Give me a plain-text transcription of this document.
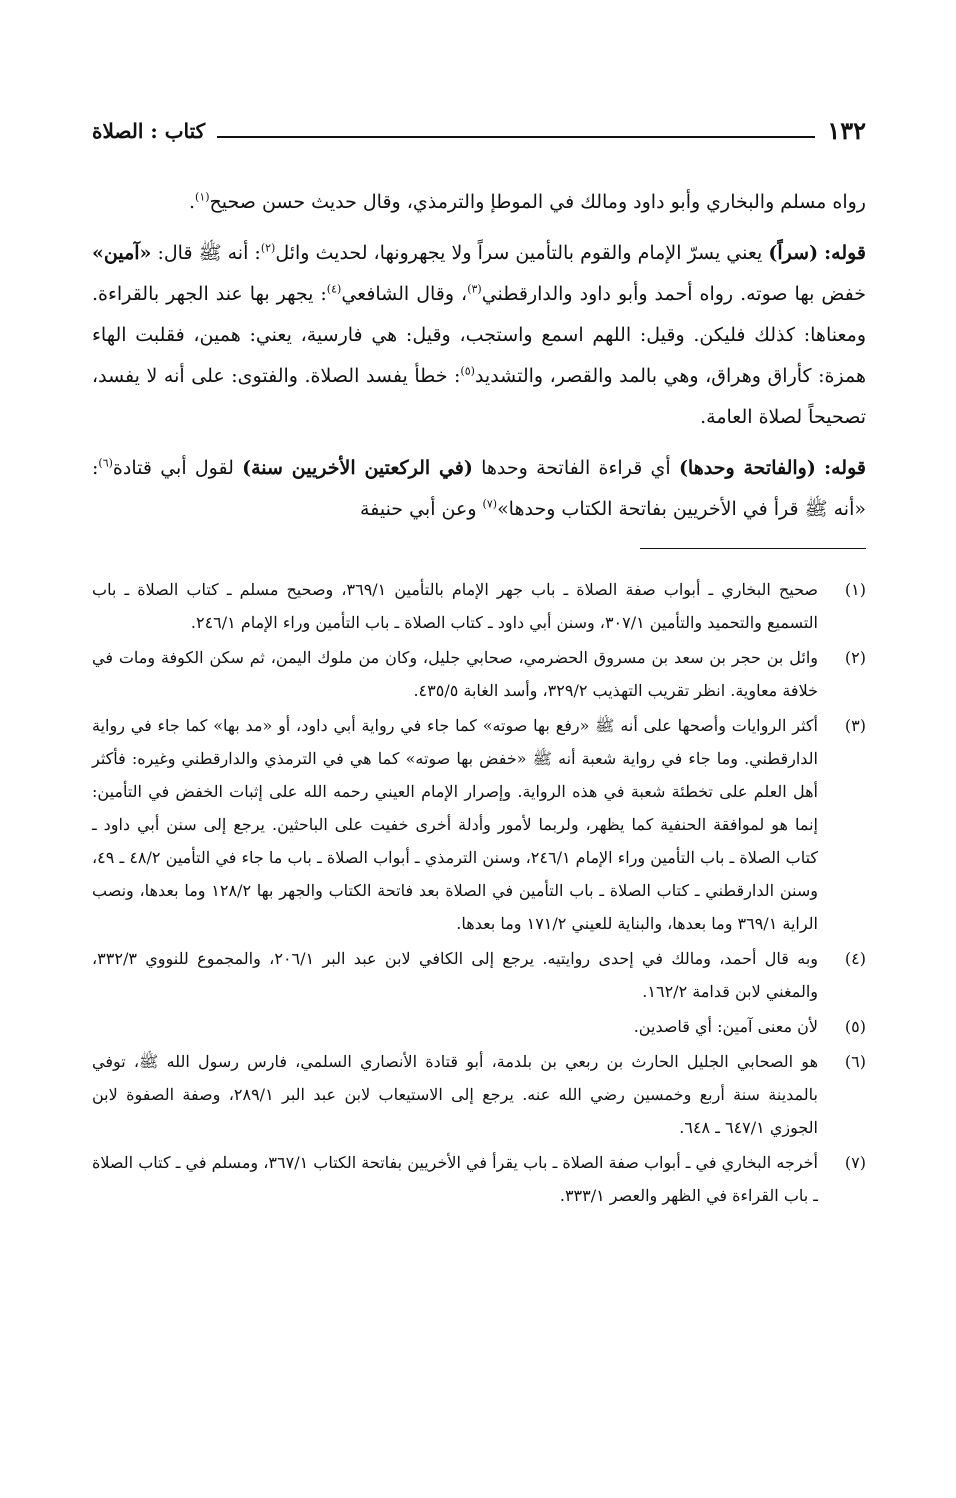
١٣٢
كتاب : الصلاة

رواه مسلم والبخاري وأبو داود ومالك في الموطإ والترمذي، وقال حديث حسن صحيح$^{(١)}$.

قوله: (سراً) يعني يسرّ الإمام والقوم بالتأمين سراً ولا يجهرونها، لحديث وائل$^{(٢)}$: أنه ﷺ قال: «آمين» خفض بها صوته. رواه أحمد وأبو داود والدارقطني$^{(٣)}$، وقال الشافعي$^{(٤)}$: يجهر بها عند الجهر بالقراءة. ومعناها: كذلك فليكن. وقيل: اللهم اسمع واستجب، وقيل: هي فارسية، يعني: همين، فقلبت الهاء همزة: كأراق وهراق، وهي بالمد والقصر، والتشديد$^{(٥)}$: خطأ يفسد الصلاة. والفتوى: على أنه لا يفسد، تصحيحاً لصلاة العامة.

قوله: (والفاتحة وحدها) أي قراءة الفاتحة وحدها (في الركعتين الأخريين سنة) لقول أبي قتادة$^{(٦)}$: «أنه ﷺ قرأ في الأخريين بفاتحة الكتاب وحدها»$^{(٧)}$ وعن أبي حنيفة

(١)
صحيح البخاري ـ أبواب صفة الصلاة ـ باب جهر الإمام بالتأمين ٣٦٩/١، وصحيح مسلم ـ كتاب الصلاة ـ باب التسميع والتحميد والتأمين ٣٠٧/١، وسنن أبي داود ـ كتاب الصلاة ـ باب التأمين وراء الإمام ٢٤٦/١.
(٢)
وائل بن حجر بن سعد بن مسروق الحضرمي، صحابي جليل، وكان من ملوك اليمن، ثم سكن الكوفة ومات في خلافة معاوية. انظر تقريب التهذيب ٣٢٩/٢، وأسد الغابة ٤٣٥/٥.
(٣)
أكثر الروايات وأصحها على أنه ﷺ «رفع بها صوته» كما جاء في رواية أبي داود، أو «مد بها» كما جاء في رواية الدارقطني. وما جاء في رواية شعبة أنه ﷺ «خفض بها صوته» كما هي في الترمذي والدارقطني وغيره: فأكثر أهل العلم على تخطئة شعبة في هذه الرواية. وإصرار الإمام العيني رحمه الله على إثبات الخفض في التأمين: إنما هو لموافقة الحنفية كما يظهر، ولربما لأمور وأدلة أخرى خفيت على الباحثين. يرجع إلى سنن أبي داود ـ كتاب الصلاة ـ باب التأمين وراء الإمام ٢٤٦/١، وسنن الترمذي ـ أبواب الصلاة ـ باب ما جاء في التأمين ٤٨/٢ ـ ٤٩، وسنن الدارقطني ـ كتاب الصلاة ـ باب التأمين في الصلاة بعد فاتحة الكتاب والجهر بها ١٢٨/٢ وما بعدها، ونصب الراية ٣٦٩/١ وما بعدها، والبناية للعيني ١٧١/٢ وما بعدها.
(٤)
وبه قال أحمد، ومالك في إحدى روايتيه. يرجع إلى الكافي لابن عبد البر ٢٠٦/١، والمجموع للنووي ٣٣٢/٣، والمغني لابن قدامة ١٦٢/٢.
(٥)
لأن معنى آمين: أي قاصدين.
(٦)
هو الصحابي الجليل الحارث بن ربعي بن بلدمة، أبو قتادة الأنصاري السلمي، فارس رسول الله ﷺ، توفي بالمدينة سنة أربع وخمسين رضي الله عنه. يرجع إلى الاستيعاب لابن عبد البر ٢٨٩/١، وصفة الصفوة لابن الجوزي ٦٤٧/١ ـ ٦٤٨.
(٧)
أخرجه البخاري في ـ أبواب صفة الصلاة ـ باب يقرأ في الأخريين بفاتحة الكتاب ٣٦٧/١، ومسلم في ـ كتاب الصلاة ـ باب القراءة في الظهر والعصر ٣٣٣/١.
